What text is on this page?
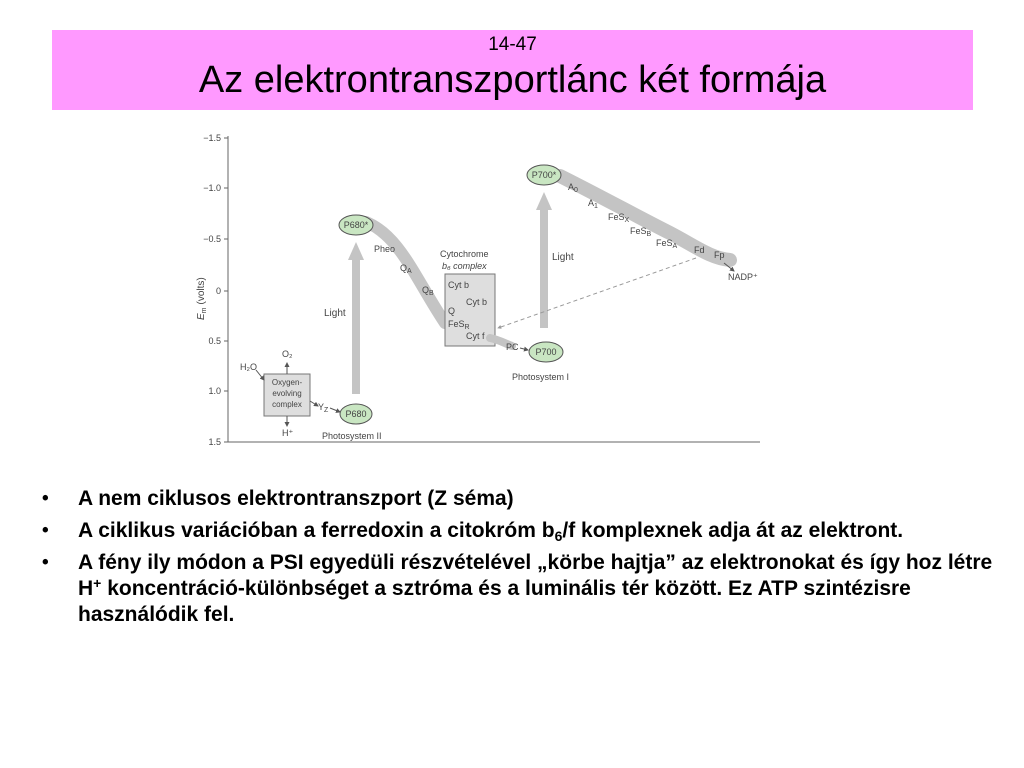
14-47
Az elektrontranszportlánc két formája
−1.5
−1.0
−0.5
0
0.5
1.0
1.5
$E_m(volts)$
Light
Light
Oxygen-
evolving
complex
H₂O
O₂
H⁺
$Y_Z$ P680
Photosystem II
P680*
Pheo
$Q_A$
$Q_B$
Cytochrome
b₆ complex
Cyt b
Cyt b
Q
FeS$_R$
Cyt f
PC P700
Photosystem I
P700*
$A_0$
$A_1$
FeS$_X$
FeS$_B$
FeS$_A$ Fd Fp
NADP⁺
• A nem ciklusos elektrontranszport (Z séma)
• A ciklikus variációban a ferredoxin a citokróm $b_6/f$ komplexnek adja át az elektront.
• A fény ily módon a PSI egyedüli részvételével „körbe hajtja” az elektronokat és így hoz létre H+ koncentráció-különbséget a sztróma és a luminális tér között. Ez ATP szintézisre használódik fel.
